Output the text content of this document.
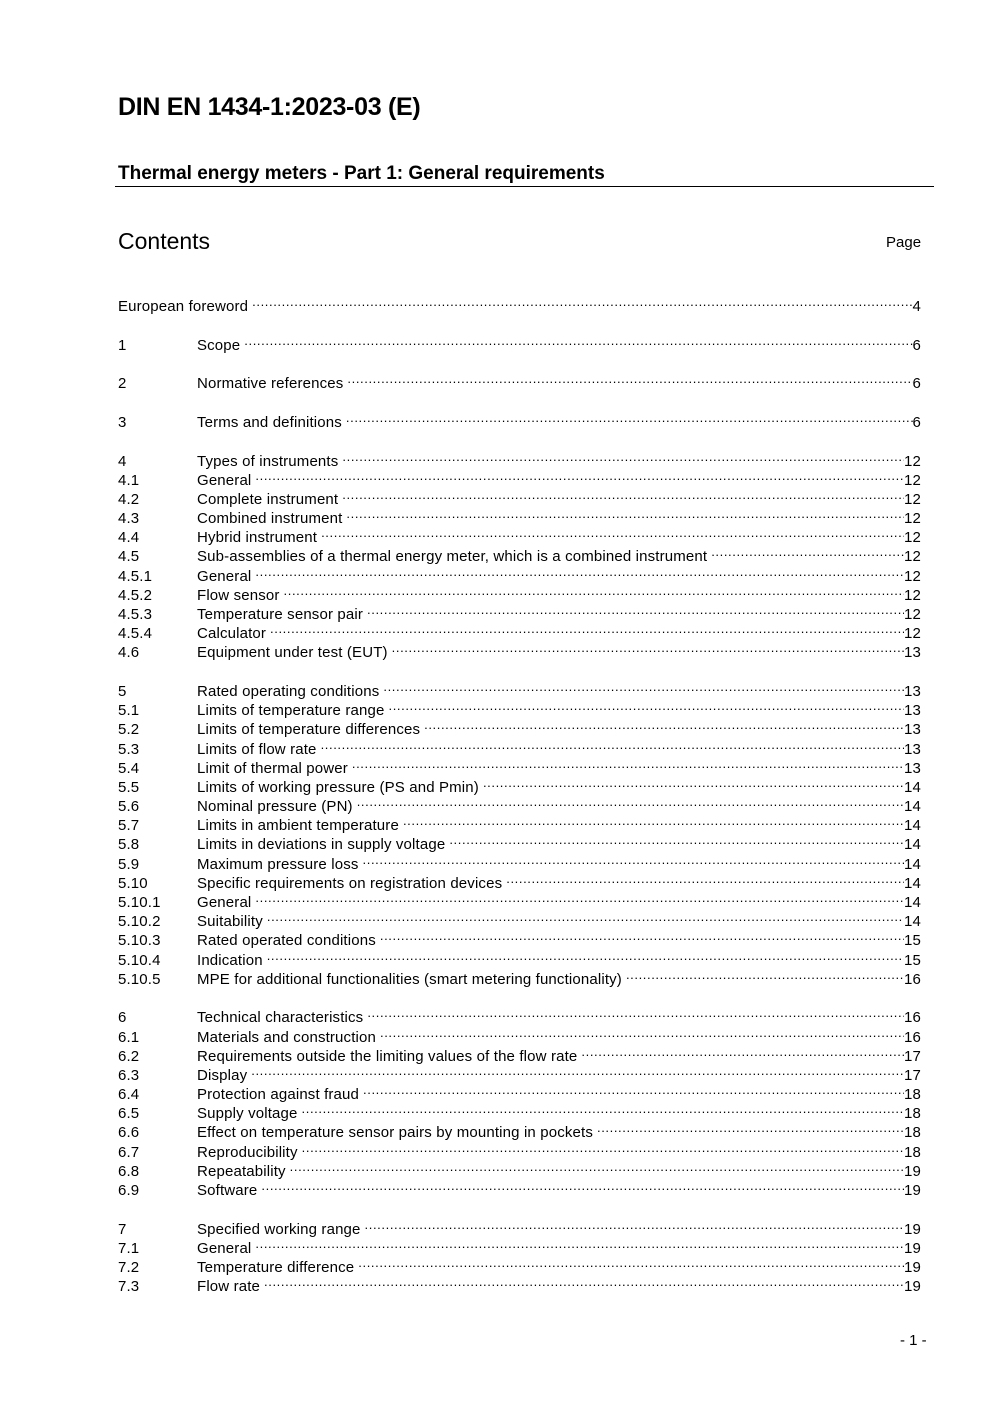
DIN EN 1434-1:2023-03 (E)
Thermal energy meters - Part 1: General requirements
Contents	Page
European foreword .....	4
1	Scope .....	6
2	Normative references .....	6
3	Terms and definitions .....	6
4	Types of instruments .....	12
4.1	General .....	12
4.2	Complete instrument .....	12
4.3	Combined instrument .....	12
4.4	Hybrid instrument .....	12
4.5	Sub-assemblies of a thermal energy meter, which is a combined instrument .....	12
4.5.1	General .....	12
4.5.2	Flow sensor .....	12
4.5.3	Temperature sensor pair .....	12
4.5.4	Calculator .....	12
4.6	Equipment under test (EUT) .....	13
5	Rated operating conditions .....	13
5.1	Limits of temperature range .....	13
5.2	Limits of temperature differences .....	13
5.3	Limits of flow rate .....	13
5.4	Limit of thermal power .....	13
5.5	Limits of working pressure (PS and Pmin) .....	14
5.6	Nominal pressure (PN) .....	14
5.7	Limits in ambient temperature .....	14
5.8	Limits in deviations in supply voltage .....	14
5.9	Maximum pressure loss .....	14
5.10	Specific requirements on registration devices .....	14
5.10.1	General .....	14
5.10.2	Suitability .....	14
5.10.3	Rated operated conditions .....	15
5.10.4	Indication .....	15
5.10.5	MPE for additional functionalities (smart metering functionality) .....	16
6	Technical characteristics .....	16
6.1	Materials and construction .....	16
6.2	Requirements outside the limiting values of the flow rate .....	17
6.3	Display .....	17
6.4	Protection against fraud .....	18
6.5	Supply voltage .....	18
6.6	Effect on temperature sensor pairs by mounting in pockets .....	18
6.7	Reproducibility .....	18
6.8	Repeatability .....	19
6.9	Software .....	19
7	Specified working range .....	19
7.1	General .....	19
7.2	Temperature difference .....	19
7.3	Flow rate .....	19
- 1 -
